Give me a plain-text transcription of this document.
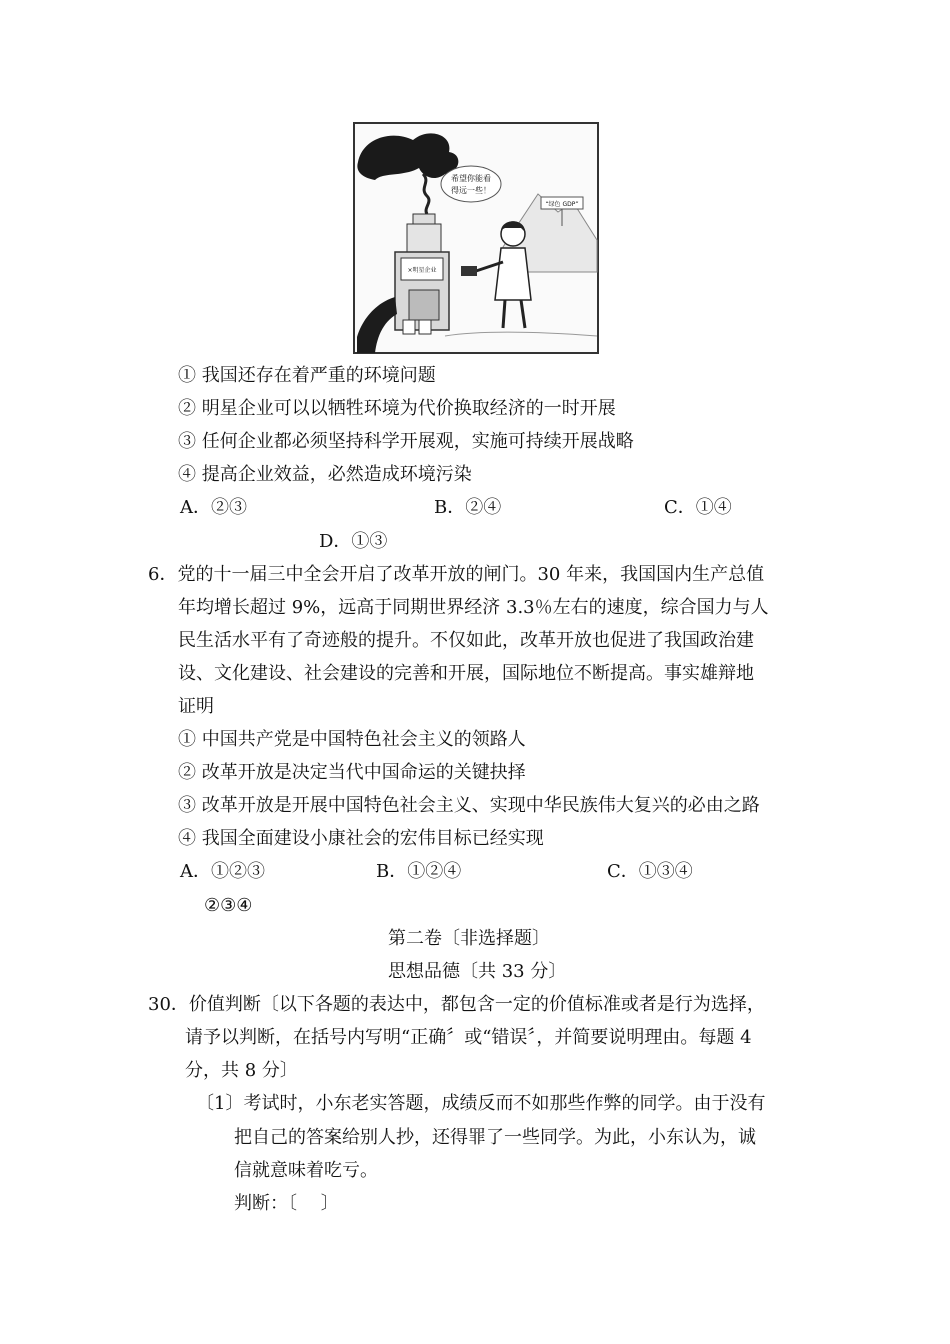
×明星企业
希望你能看
得远一些！
“绿色 GDP”
① 我国还存在着严重的环境问题
② 明星企业可以以牺牲环境为代价换取经济的一时开展
③ 任何企业都必须坚持科学开展观，实施可持续开展战略
④ 提高企业效益，必然造成环境污染
A．②③	B．②④	C．①④
D．①③
6．党的十一届三中全会开启了改革开放的闸门。30 年来，我国国内生产总值
年均增长超过 9%，远高于同期世界经济 3.3％左右的速度，综合国力与人
民生活水平有了奇迹般的提升。不仅如此，改革开放也促进了我国政治建
设、文化建设、社会建设的完善和开展，国际地位不断提高。事实雄辩地
证明
① 中国共产党是中国特色社会主义的领路人
② 改革开放是决定当代中国命运的关键抉择
③ 改革开放是开展中国特色社会主义、实现中华民族伟大复兴的必由之路
④ 我国全面建设小康社会的宏伟目标已经实现
A．①②③	B．①②④	C．①③④
②③④
第二卷〔非选择题〕
思想品德〔共 33 分〕
30．价值判断〔以下各题的表达中，都包含一定的价值标准或者是行为选择，
请予以判断，在括号内写明“正确〞或“错误〞，并简要说明理由。每题 4
分，共 8 分〕
〔1〕考试时，小东老实答题，成绩反而不如那些作弊的同学。由于没有
把自己的答案给别人抄，还得罪了一些同学。为此，小东认为，诚
信就意味着吃亏。
判断：〔　 〕
